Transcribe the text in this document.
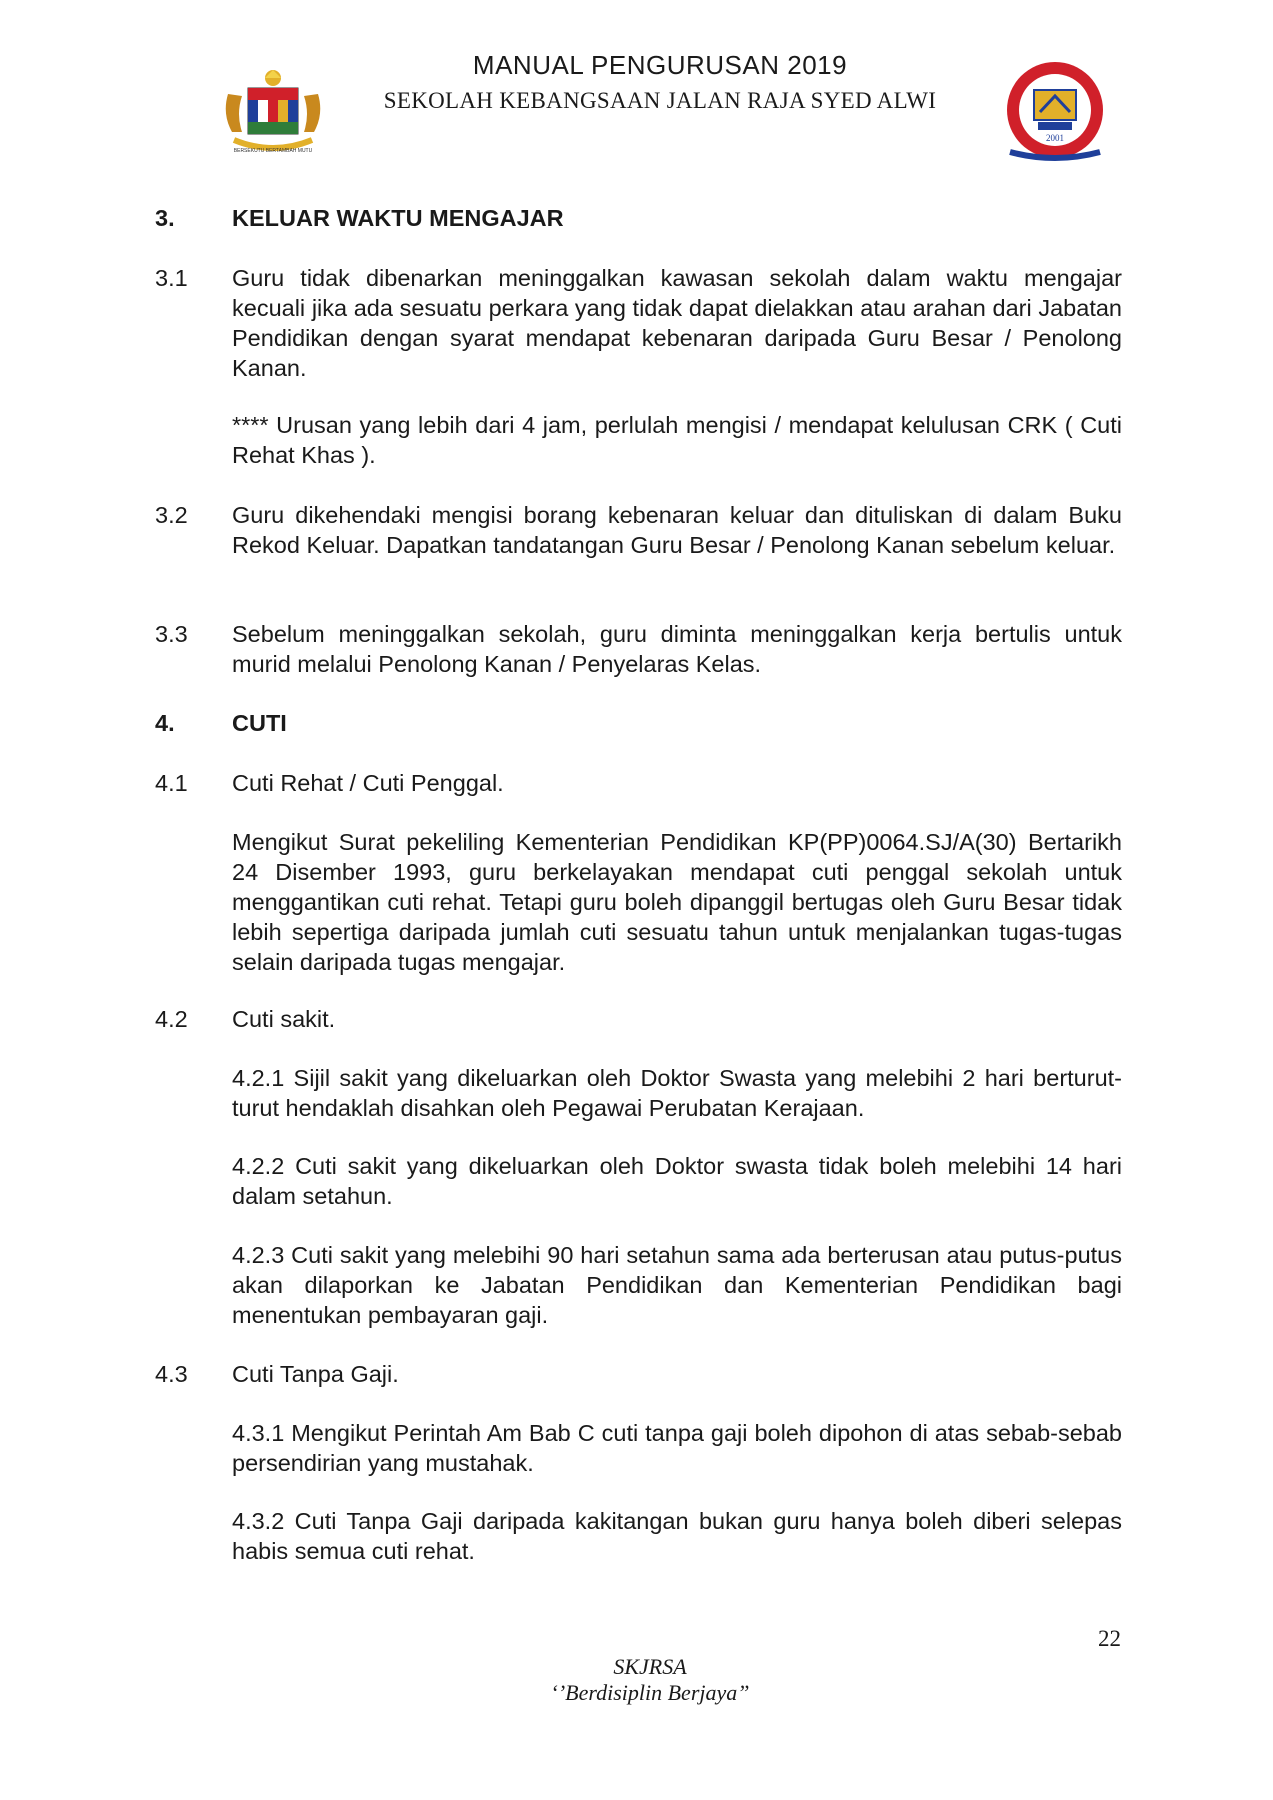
BERSEKUTU BERTAMBAH MUTU
MANUAL PENGURUSAN 2019
SEKOLAH KEBANGSAAN JALAN RAJA SYED ALWI
2001
3. KELUAR WAKTU MENGAJAR
3.1 Guru tidak dibenarkan meninggalkan kawasan sekolah dalam waktu mengajar kecuali jika ada sesuatu perkara yang tidak dapat dielakkan atau arahan dari Jabatan Pendidikan dengan syarat mendapat kebenaran daripada Guru Besar / Penolong Kanan.
**** Urusan yang lebih dari 4 jam, perlulah mengisi / mendapat kelulusan CRK ( Cuti Rehat Khas ).
3.2 Guru dikehendaki mengisi borang kebenaran keluar dan dituliskan di dalam Buku Rekod Keluar. Dapatkan tandatangan Guru Besar / Penolong Kanan sebelum keluar.
3.3 Sebelum meninggalkan sekolah, guru diminta meninggalkan kerja bertulis untuk murid melalui Penolong Kanan / Penyelaras Kelas.
4. CUTI
4.1 Cuti Rehat / Cuti Penggal.
Mengikut Surat pekeliling Kementerian Pendidikan KP(PP)0064.SJ/A(30) Bertarikh 24 Disember 1993, guru berkelayakan mendapat cuti penggal sekolah untuk menggantikan cuti rehat. Tetapi guru boleh dipanggil bertugas oleh Guru Besar tidak lebih sepertiga daripada jumlah cuti sesuatu tahun untuk menjalankan tugas-tugas selain daripada tugas mengajar.
4.2 Cuti sakit.
4.2.1 Sijil sakit yang dikeluarkan oleh Doktor Swasta yang melebihi 2 hari berturut-turut hendaklah disahkan oleh Pegawai Perubatan Kerajaan.
4.2.2 Cuti sakit yang dikeluarkan oleh Doktor swasta tidak boleh melebihi 14 hari dalam setahun.
4.2.3 Cuti sakit yang melebihi 90 hari setahun sama ada berterusan atau putus-putus akan dilaporkan ke Jabatan Pendidikan dan Kementerian Pendidikan bagi menentukan pembayaran gaji.
4.3 Cuti Tanpa Gaji.
4.3.1 Mengikut Perintah Am Bab C cuti tanpa gaji boleh dipohon di atas sebab-sebab persendirian yang mustahak.
4.3.2 Cuti Tanpa Gaji daripada kakitangan bukan guru hanya boleh diberi selepas habis semua cuti rehat.
22
SKJRSA
‘’Berdisiplin Berjaya”
